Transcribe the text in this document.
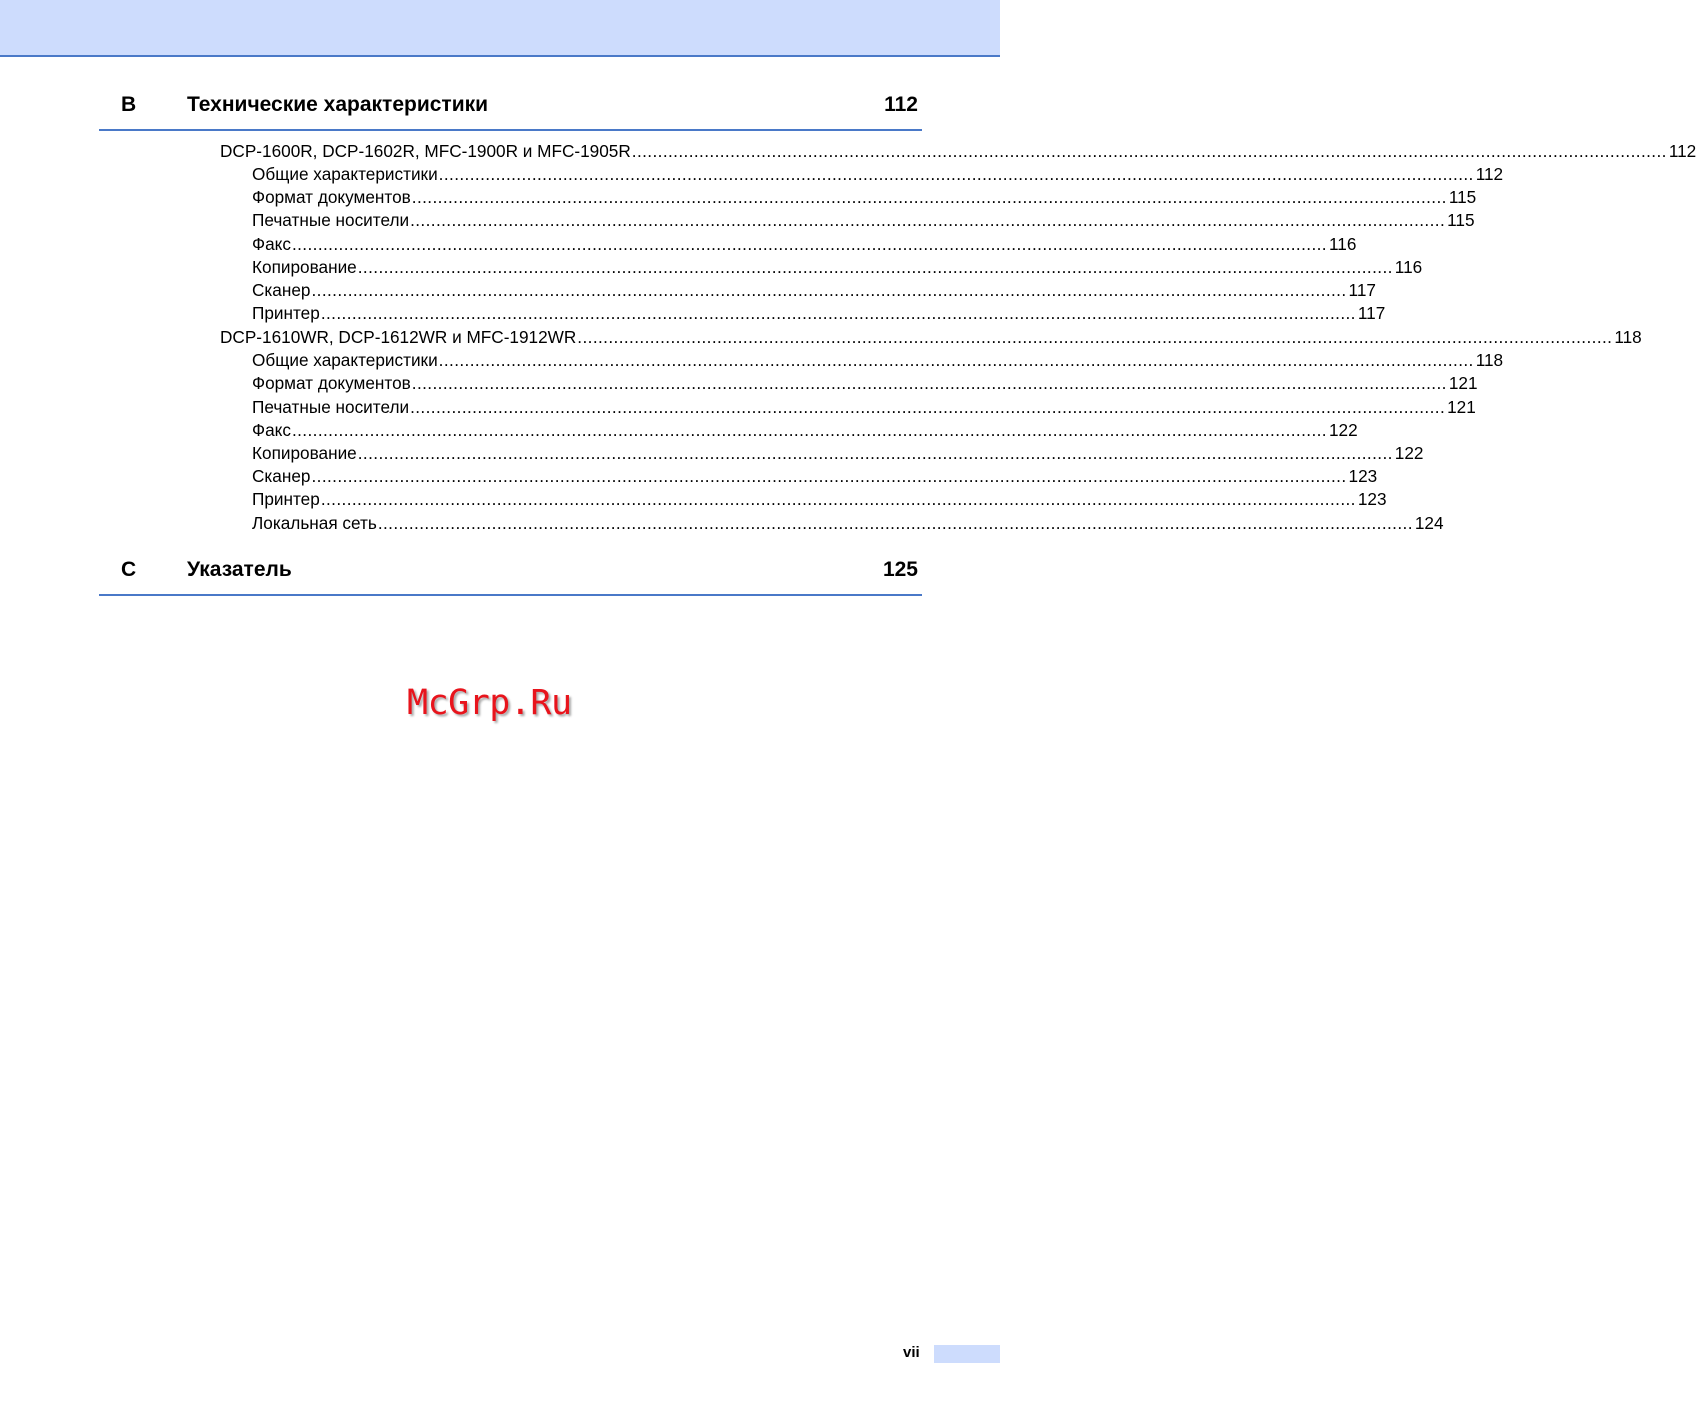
B Технические характеристики	112
DCP-1600R, DCP-1602R, MFC-1900R и MFC-1905R ........................................................................................................................................................................................................ 112
Общие характеристики ........................................................................................................................................................................................................ 112
Формат документов ........................................................................................................................................................................................................ 115
Печатные носители ........................................................................................................................................................................................................ 115
Факс ........................................................................................................................................................................................................ 116
Копирование ........................................................................................................................................................................................................ 116
Сканер ........................................................................................................................................................................................................ 117
Принтер ........................................................................................................................................................................................................ 117
DCP-1610WR, DCP-1612WR и MFC-1912WR ........................................................................................................................................................................................................ 118
Общие характеристики ........................................................................................................................................................................................................ 118
Формат документов ........................................................................................................................................................................................................ 121
Печатные носители ........................................................................................................................................................................................................ 121
Факс ........................................................................................................................................................................................................ 122
Копирование ........................................................................................................................................................................................................ 122
Сканер ........................................................................................................................................................................................................ 123
Принтер ........................................................................................................................................................................................................ 123
Локальная сеть ........................................................................................................................................................................................................ 124
C Указатель	125
McGrp.Ru
vii
